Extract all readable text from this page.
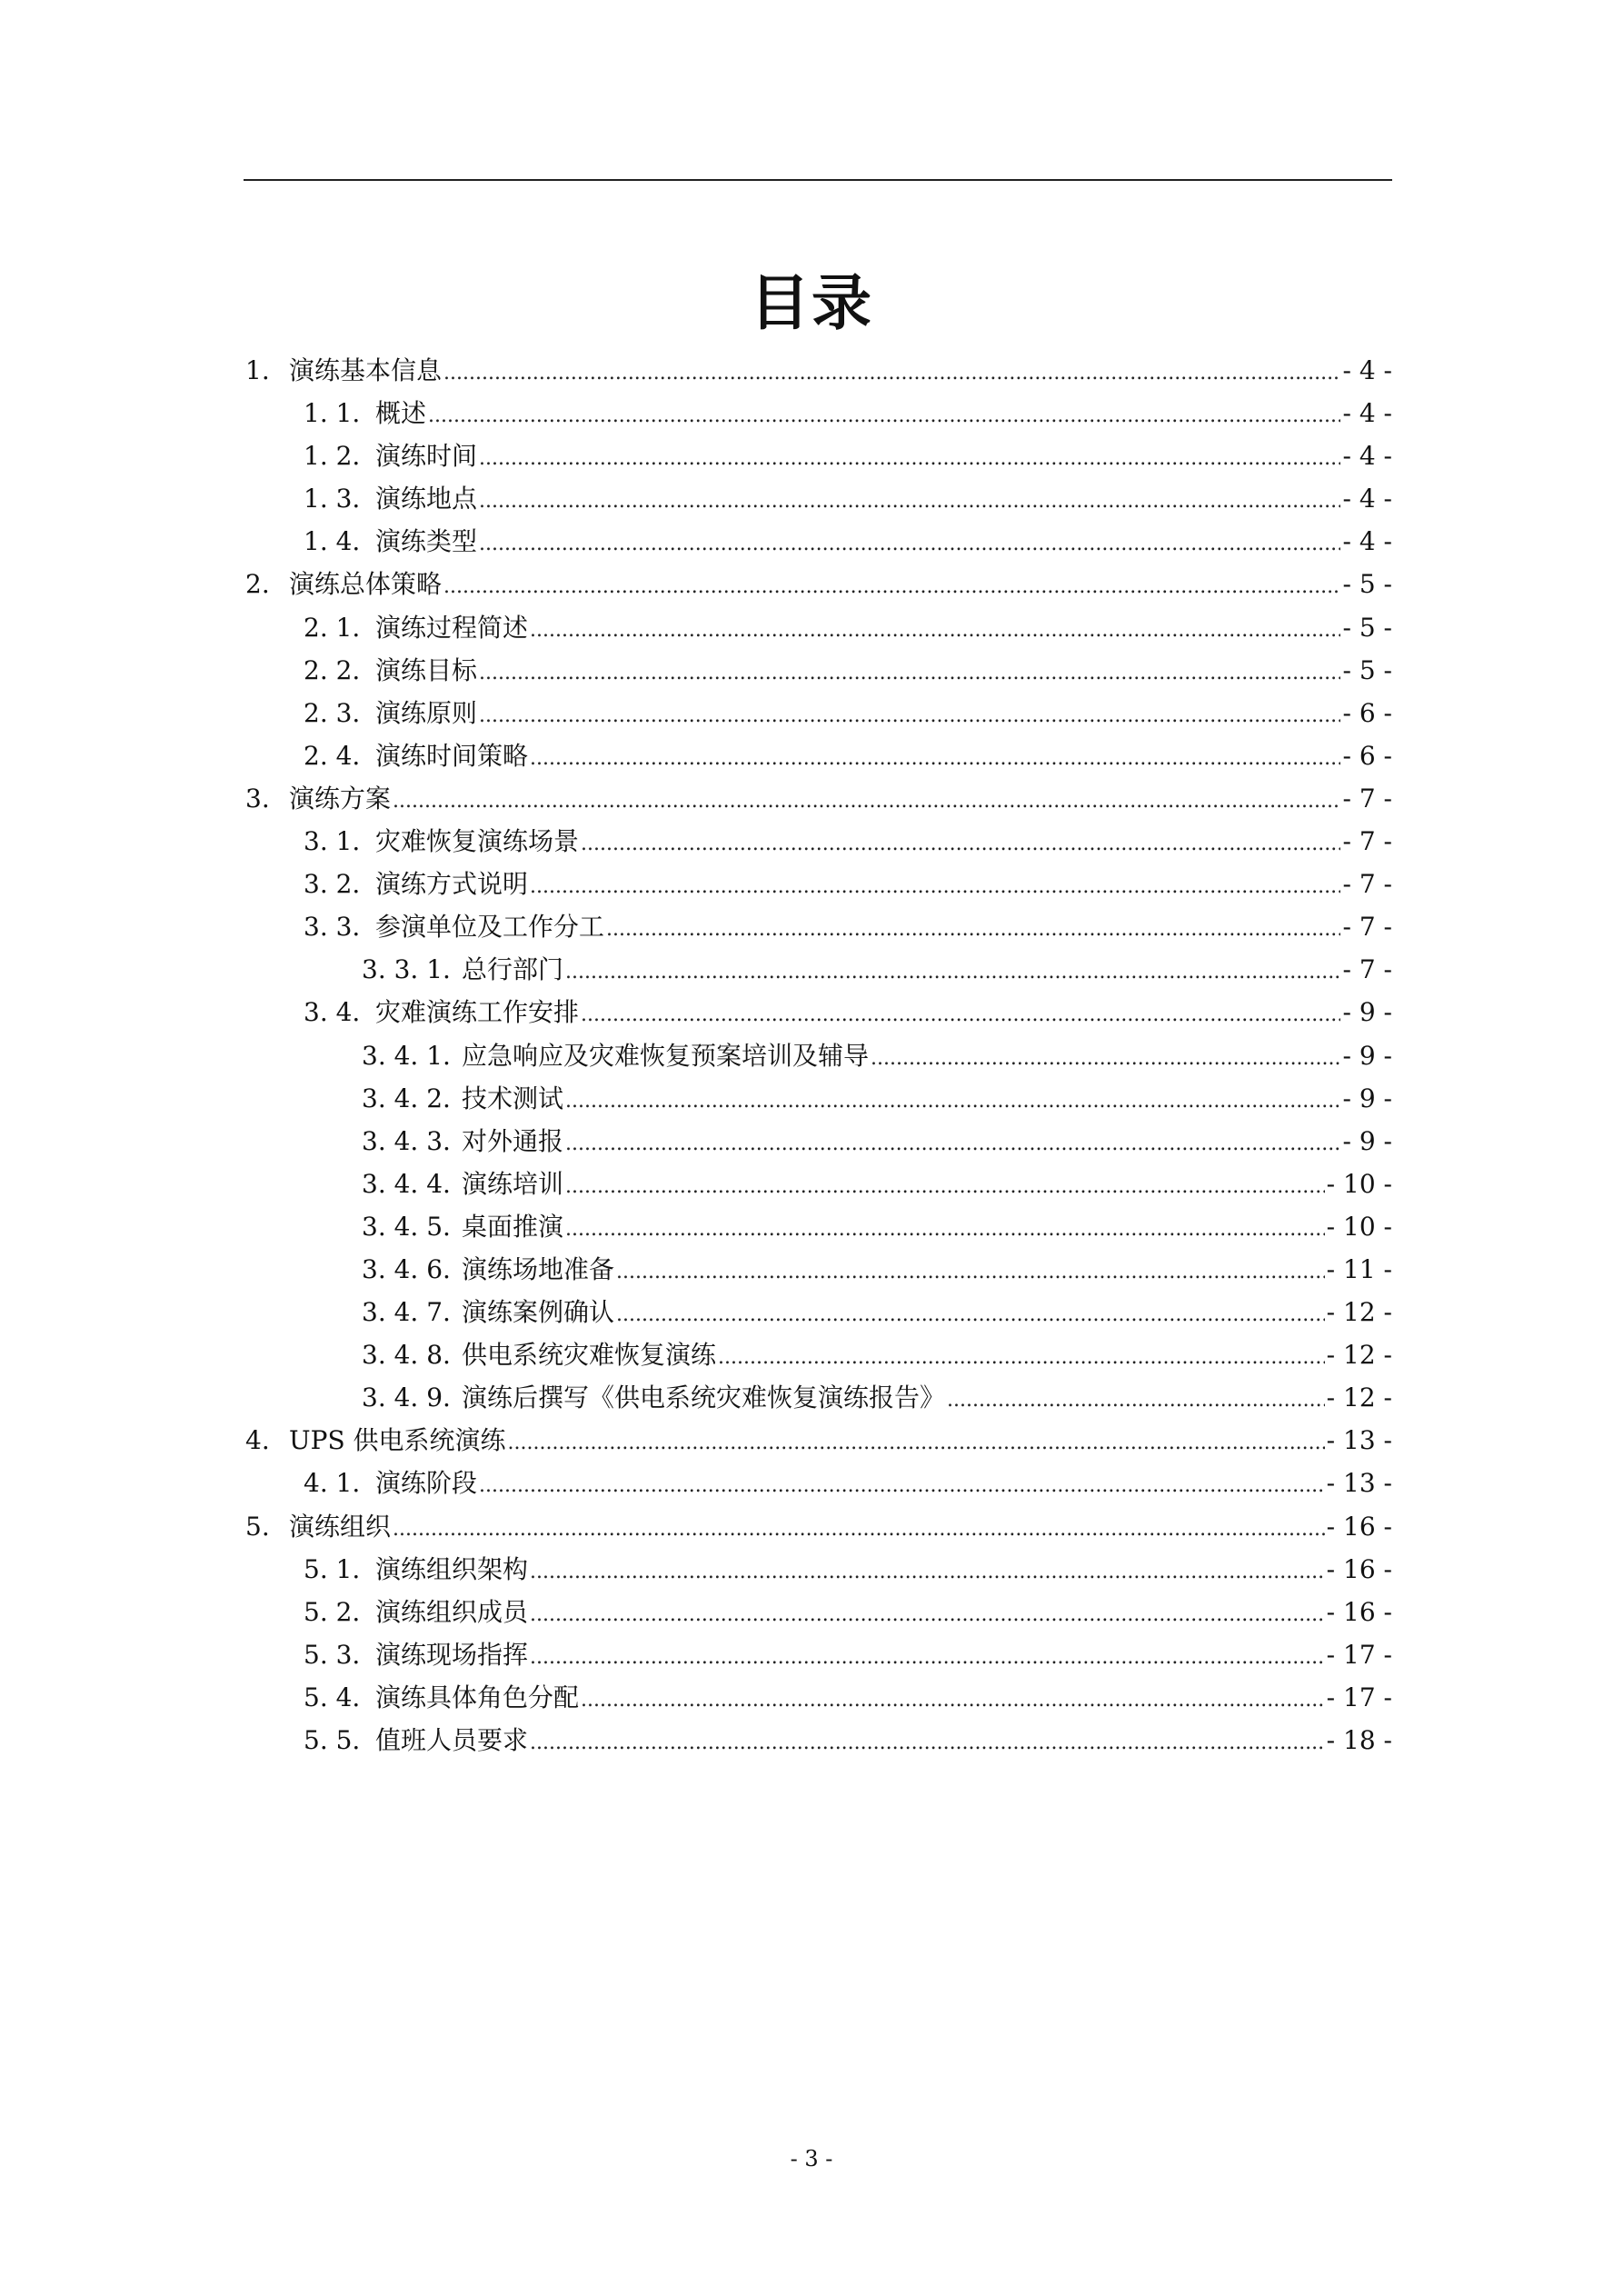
目录
1. 演练基本信息 .....	- 4 -
1. 1. 概述 .....	- 4 -
1. 2. 演练时间 .....	- 4 -
1. 3. 演练地点 .....	- 4 -
1. 4. 演练类型 .....	- 4 -
2. 演练总体策略 .....	- 5 -
2. 1. 演练过程简述 .....	- 5 -
2. 2. 演练目标 .....	- 5 -
2. 3. 演练原则 .....	- 6 -
2. 4. 演练时间策略 .....	- 6 -
3. 演练方案 .....	- 7 -
3. 1. 灾难恢复演练场景 .....	- 7 -
3. 2. 演练方式说明 .....	- 7 -
3. 3. 参演单位及工作分工 .....	- 7 -
3. 3. 1. 总行部门 .....	- 7 -
3. 4. 灾难演练工作安排 .....	- 9 -
3. 4. 1. 应急响应及灾难恢复预案培训及辅导 .....	- 9 -
3. 4. 2. 技术测试 .....	- 9 -
3. 4. 3. 对外通报 .....	- 9 -
3. 4. 4. 演练培训 .....	- 10 -
3. 4. 5. 桌面推演 .....	- 10 -
3. 4. 6. 演练场地准备 .....	- 11 -
3. 4. 7. 演练案例确认 .....	- 12 -
3. 4. 8. 供电系统灾难恢复演练 .....	- 12 -
3. 4. 9. 演练后撰写《供电系统灾难恢复演练报告》 .....	- 12 -
4. UPS 供电系统演练 .....	- 13 -
4. 1. 演练阶段 .....	- 13 -
5. 演练组织 .....	- 16 -
5. 1. 演练组织架构 .....	- 16 -
5. 2. 演练组织成员 .....	- 16 -
5. 3. 演练现场指挥 .....	- 17 -
5. 4. 演练具体角色分配 .....	- 17 -
5. 5. 值班人员要求 .....	- 18 -
- 3 -
